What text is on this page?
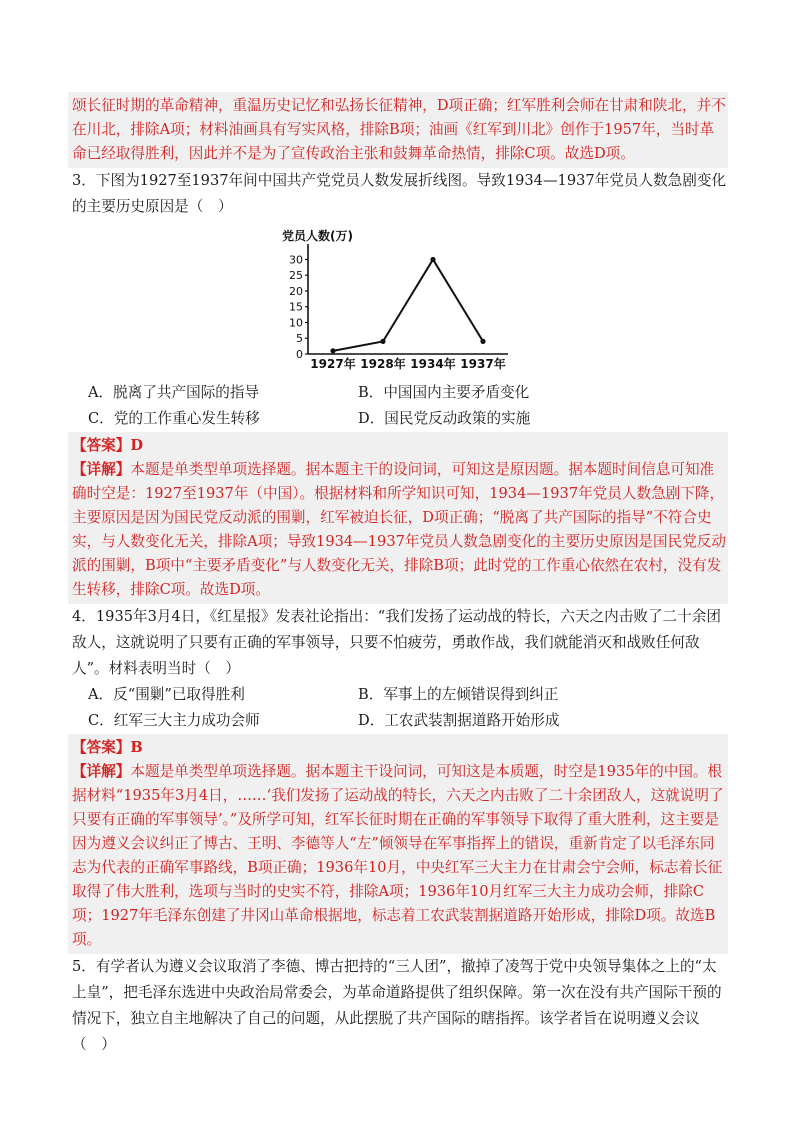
颂长征时期的革命精神，重温历史记忆和弘扬长征精神，D项正确；红军胜利会师在甘肃和陕北，并不在川北，排除A项；材料油画具有写实风格，排除B项；油画《红军到川北》创作于1957年，当时革命已经取得胜利，因此并不是为了宣传政治主张和鼓舞革命热情，排除C项。故选D项。
3．下图为1927至1937年间中国共产党党员人数发展折线图。导致1934—1937年党员人数急剧变化的主要历史原因是（　）
党员人数(万)
0
5
10
15
20
25
30
1927年 1928年 1934年 1937年
A．脱离了共产国际的指导	B．中国国内主要矛盾变化
C．党的工作重心发生转移	D．国民党反动政策的实施
【答案】D
【详解】本题是单类型单项选择题。据本题主干的设问词，可知这是原因题。据本题时间信息可知准确时空是：1927至1937年（中国）。根据材料和所学知识可知，1934—1937年党员人数急剧下降，主要原因是因为国民党反动派的围剿，红军被迫长征，D项正确；“脱离了共产国际的指导”不符合史实，与人数变化无关，排除A项；导致1934—1937年党员人数急剧变化的主要历史原因是国民党反动派的围剿，B项中“主要矛盾变化”与人数变化无关，排除B项；此时党的工作重心依然在农村，没有发生转移，排除C项。故选D项。
4．1935年3月4日，《红星报》发表社论指出：“我们发扬了运动战的特长，六天之内击败了二十余团敌人，这就说明了只要有正确的军事领导，只要不怕疲劳，勇敢作战，我们就能消灭和战败任何敌人”。材料表明当时（　）
A．反“围剿”已取得胜利	B．军事上的左倾错误得到纠正
C．红军三大主力成功会师	D．工农武装割据道路开始形成
【答案】B
【详解】本题是单类型单项选择题。据本题主干设问词，可知这是本质题，时空是1935年的中国。根据材料“1935年3月4日，……‘我们发扬了运动战的特长，六天之内击败了二十余团敌人，这就说明了只要有正确的军事领导’。”及所学可知，红军长征时期在正确的军事领导下取得了重大胜利，这主要是因为遵义会议纠正了博古、王明、李德等人“左”倾领导在军事指挥上的错误，重新肯定了以毛泽东同志为代表的正确军事路线，B项正确；1936年10月，中央红军三大主力在甘肃会宁会师，标志着长征取得了伟大胜利，选项与当时的史实不符，排除A项；1936年10月红军三大主力成功会师，排除C项；1927年毛泽东创建了井冈山革命根据地，标志着工农武装割据道路开始形成，排除D项。故选B项。
5．有学者认为遵义会议取消了李德、博古把持的“三人团”，撤掉了凌驾于党中央领导集体之上的“太上皇”，把毛泽东选进中央政治局常委会，为革命道路提供了组织保障。第一次在没有共产国际干预的情况下，独立自主地解决了自己的问题，从此摆脱了共产国际的瞎指挥。该学者旨在说明遵义会议（　）
